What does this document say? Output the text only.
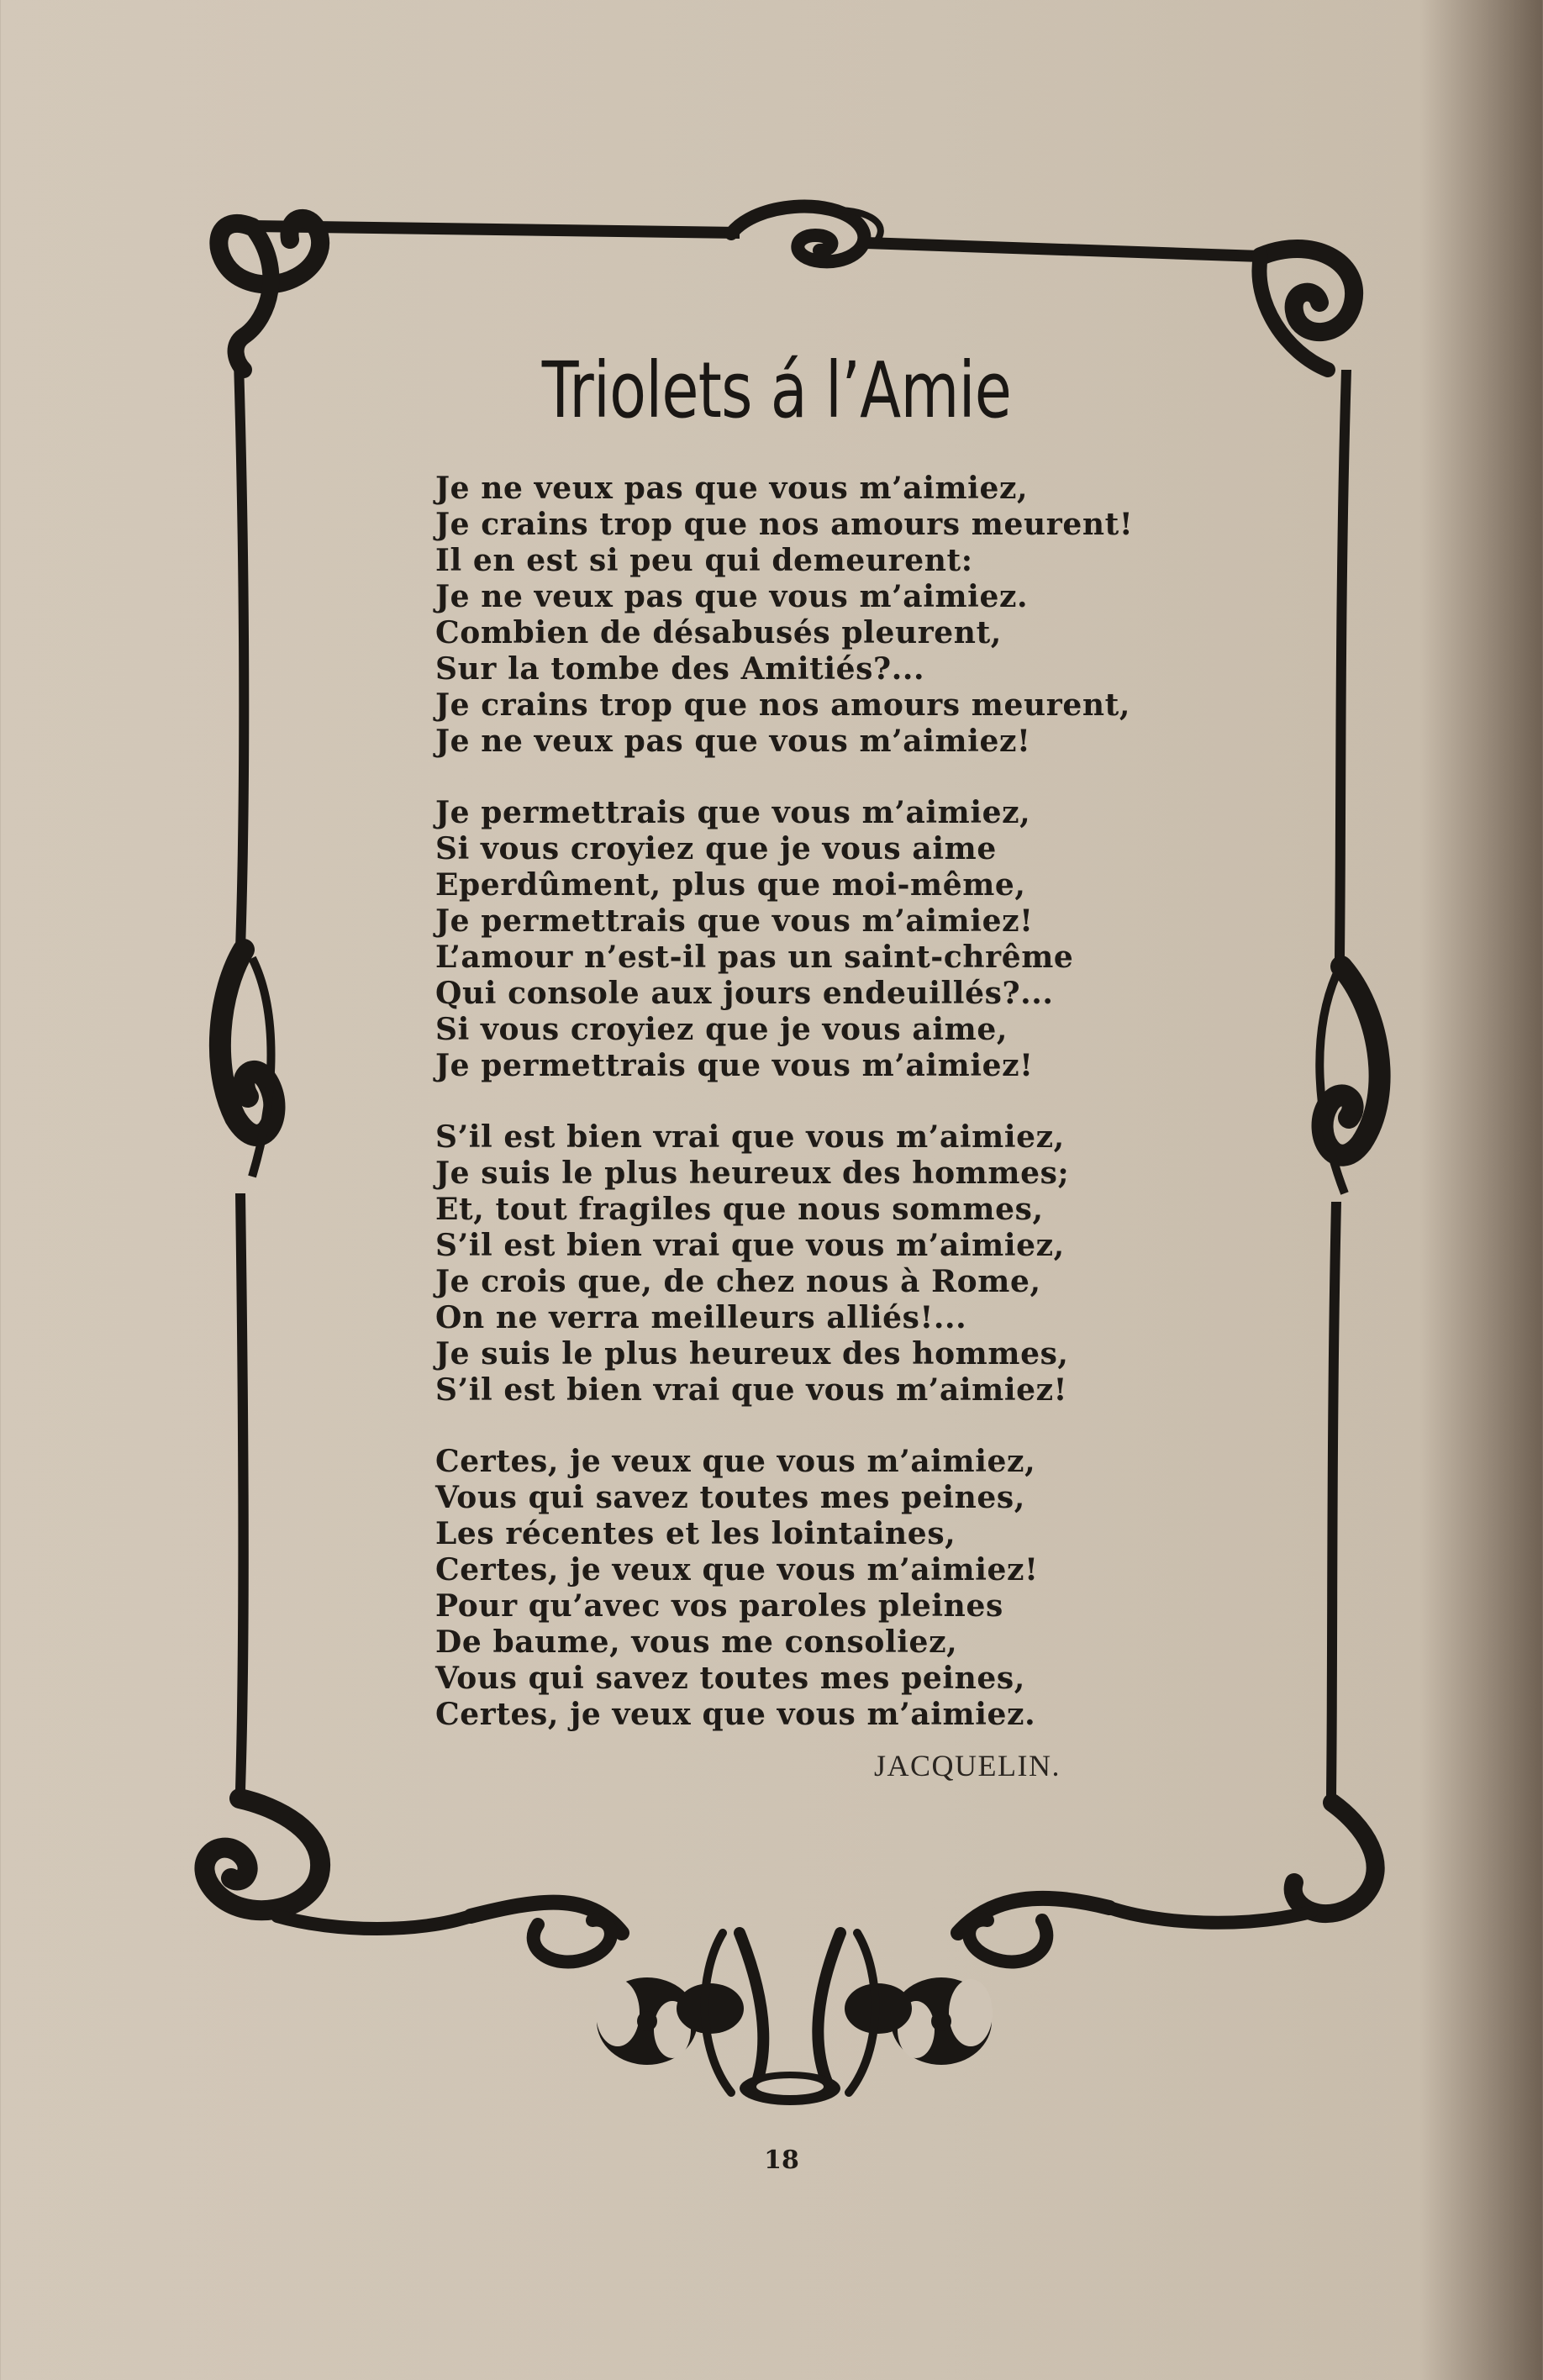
Triolets á l’Amie
Je ne veux pas que vous m’aimiez,
Je crains trop que nos amours meurent!
Il en est si peu qui demeurent:
Je ne veux pas que vous m’aimiez.
Combien de désabusés pleurent,
Sur la tombe des Amitiés?...
Je crains trop que nos amours meurent,
Je ne veux pas que vous m’aimiez!
Je permettrais que vous m’aimiez,
Si vous croyiez que je vous aime
Eperdûment, plus que moi-même,
Je permettrais que vous m’aimiez!
L’amour n’est-il pas un saint-chrême
Qui console aux jours endeuillés?...
Si vous croyiez que je vous aime,
Je permettrais que vous m’aimiez!
S’il est bien vrai que vous m’aimiez,
Je suis le plus heureux des hommes;
Et, tout fragiles que nous sommes,
S’il est bien vrai que vous m’aimiez,
Je crois que, de chez nous à Rome,
On ne verra meilleurs alliés!...
Je suis le plus heureux des hommes,
S’il est bien vrai que vous m’aimiez!
Certes, je veux que vous m’aimiez,
Vous qui savez toutes mes peines,
Les récentes et les lointaines,
Certes, je veux que vous m’aimiez!
Pour qu’avec vos paroles pleines
De baume, vous me consoliez,
Vous qui savez toutes mes peines,
Certes, je veux que vous m’aimiez.
JACQUELIN.
18
